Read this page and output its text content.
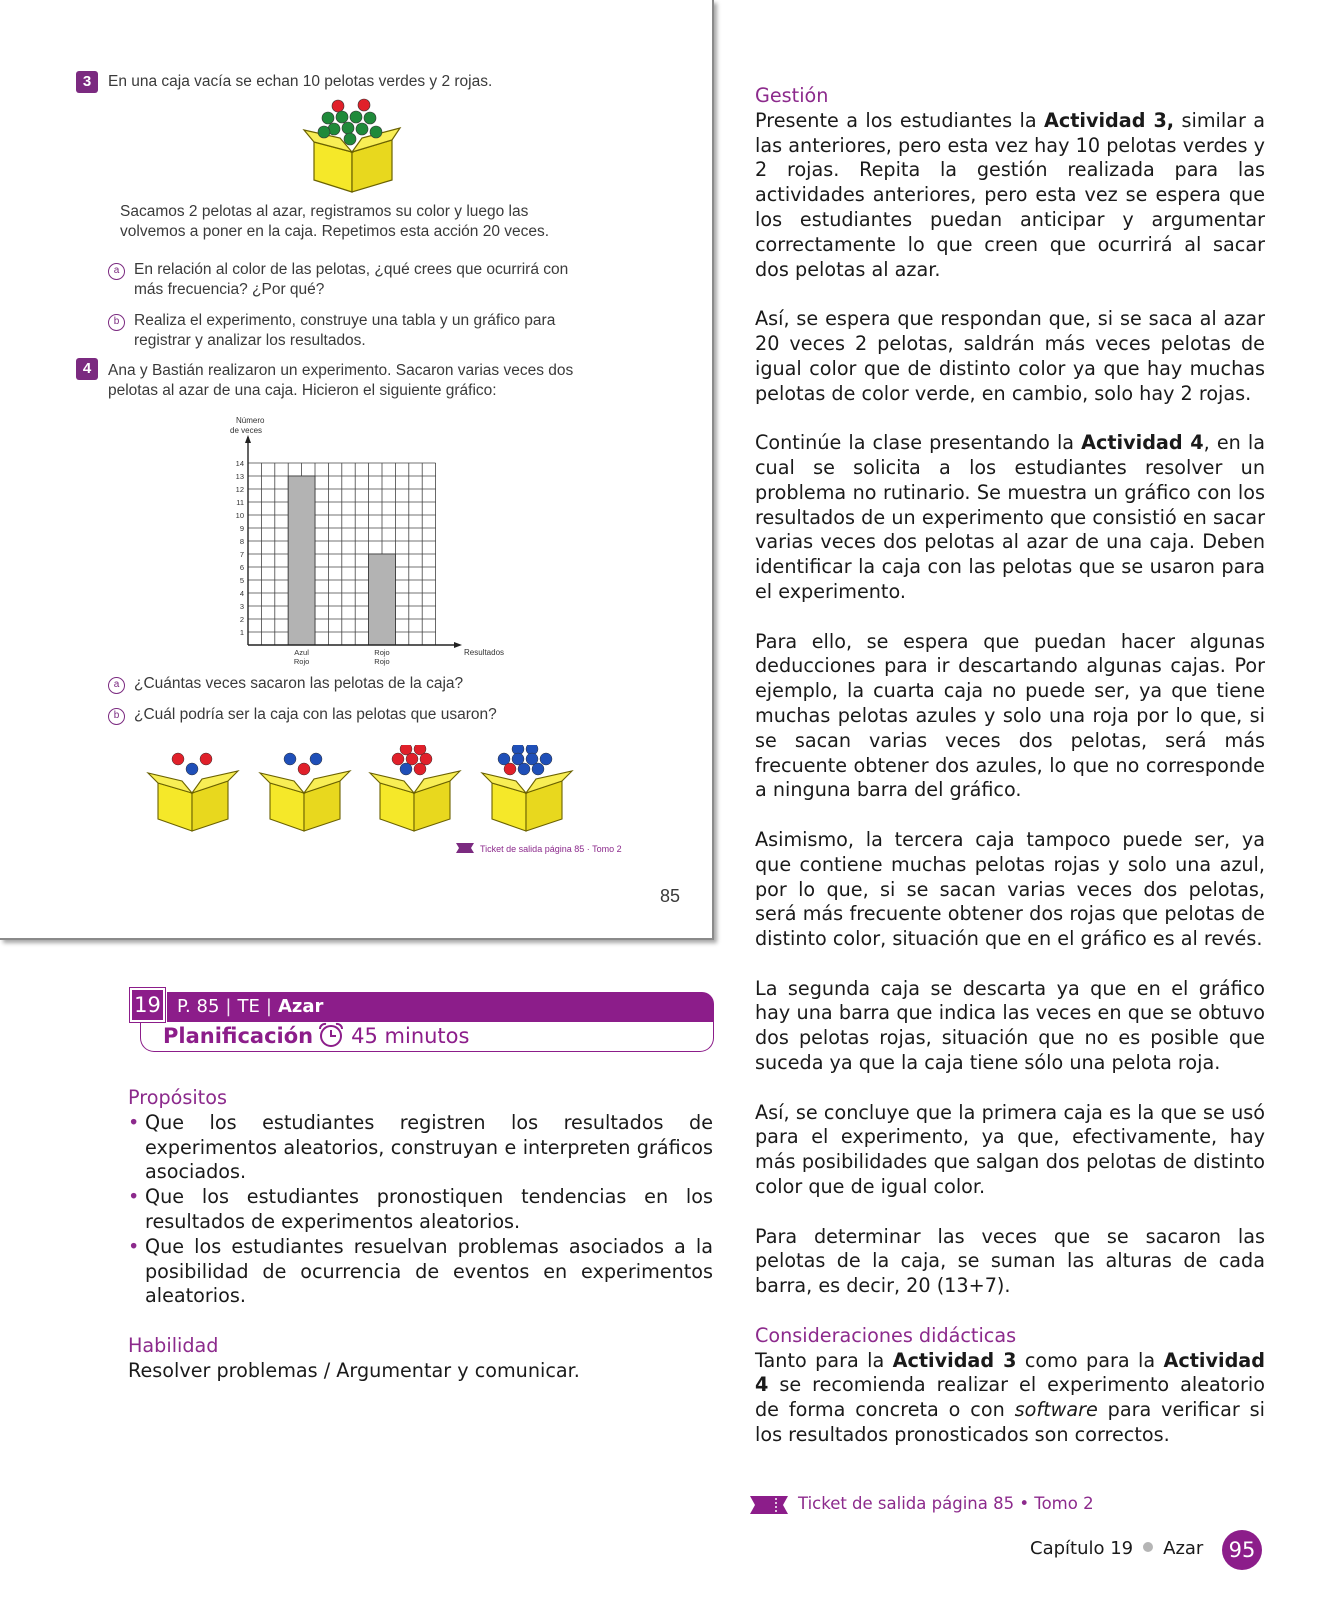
3	En una caja vacía se echan 10 pelotas verdes y 2 rojas.
Sacamos 2 pelotas al azar, registramos su color y luego las
volvemos a poner en la caja. Repetimos esta acción 20 veces.
a En relación al color de las pelotas, ¿qué crees que ocurrirá con
más frecuencia? ¿Por qué?
b Realiza el experimento, construye una tabla y un gráfico para
registrar y analizar los resultados.
4	Ana y Bastián realizaron un experimento. Sacaron varias veces dos
pelotas al azar de una caja. Hicieron el siguiente gráfico:
Número
de veces
Resultados
1
2
3
4
5
6
7
8
9
10
11
12
13
14
Azul
Rojo
Rojo
Rojo
a ¿Cuántas veces sacaron las pelotas de la caja?
b ¿Cuál podría ser la caja con las pelotas que usaron?
Ticket de salida página 85 · Tomo 2
85

Gestión

Presente a los estudiantes la Actividad 3, similar a las anteriores, pero esta vez hay 10 pelotas verdes y 2 rojas. Repita la gestión realizada para las actividades anteriores, pero esta vez se espera que los estudiantes puedan anticipar y argumentar correctamente lo que creen que ocurrirá al sacar dos pelotas al azar.

Así, se espera que respondan que, si se saca al azar 20 veces 2 pelotas, saldrán más veces pelotas de igual color que de distinto color ya que hay muchas pelotas de color verde, en cambio, solo hay 2 rojas.

Continúe la clase presentando la Actividad 4, en la cual se solicita a los estudiantes resolver un problema no rutinario. Se muestra un gráfico con los resultados de un experimento que consistió en sacar varias veces dos pelotas al azar de una caja. Deben identificar la caja con las pelotas que se usaron para el experimento.

Para ello, se espera que puedan hacer algunas deducciones para ir descartando algunas cajas. Por ejemplo, la cuarta caja no puede ser, ya que tiene muchas pelotas azules y solo una roja por lo que, si se sacan varias veces dos pelotas, será más frecuente obtener dos azules, lo que no corresponde a ninguna barra del gráfico.

Asimismo, la tercera caja tampoco puede ser, ya que contiene muchas pelotas rojas y solo una azul, por lo que, si se sacan varias veces dos pelotas, será más frecuente obtener dos rojas que pelotas de distinto color, situación que en el gráfico es al revés.

La segunda caja se descarta ya que en el gráfico hay una barra que indica las veces en que se obtuvo dos pelotas rojas, situación que no es posible que suceda ya que la caja tiene sólo una pelota roja.

Así, se concluye que la primera caja es la que se usó para el experimento, ya que, efectivamente, hay más posibilidades que salgan dos pelotas de distinto color que de igual color.

Para determinar las veces que se sacaron las pelotas de la caja, se suman las alturas de cada barra, es decir, 20 (13+7).

Consideraciones didácticas

Tanto para la Actividad 3 como para la Actividad 4 se recomienda realizar el experimento aleatorio de forma concreta o con software para verificar si los resultados pronosticados son correctos.

19 P. 85 | TE | Azar
Planificación 45 minutos
Propósitos
• Que los estudiantes registren los resultados de experimentos aleatorios, construyan e interpreten gráficos asociados.
• Que los estudiantes pronostiquen tendencias en los resultados de experimentos aleatorios.
• Que los estudiantes resuelvan problemas asociados a la posibilidad de ocurrencia de eventos en experimentos aleatorios.
Habilidad
Resolver problemas / Argumentar y comunicar.
Ticket de salida página 85 • Tomo 2
Capítulo 19 Azar	95
